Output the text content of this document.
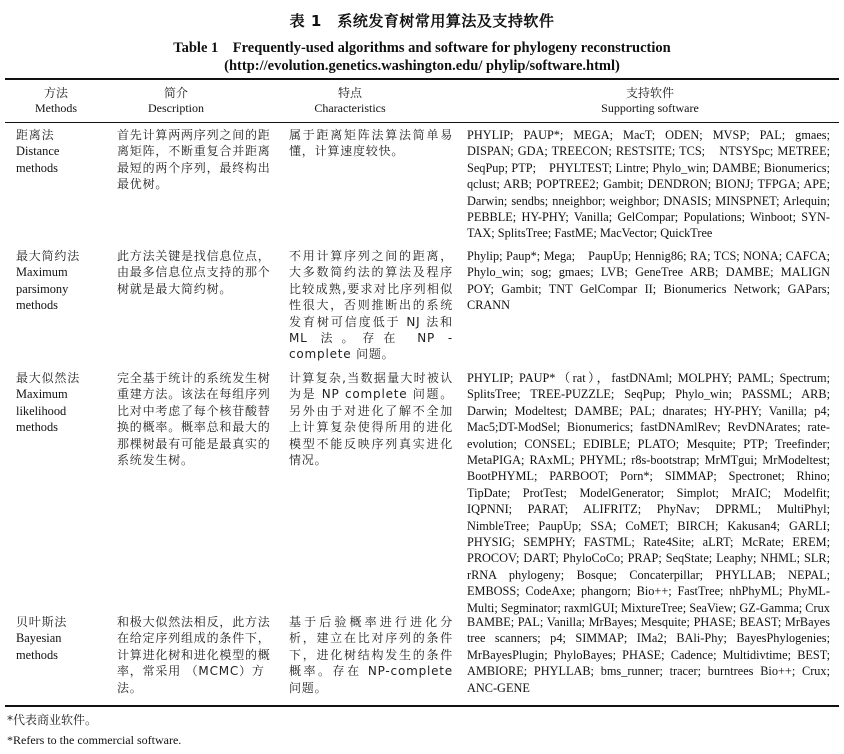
表 1　系统发育树常用算法及支持软件
Table 1　Frequently-used algorithms and software for phylogeny reconstruction
(http://evolution.genetics.washington.edu/ phylip/software.html)
方法
Methods
简介
Description
特点
Characteristics
支持软件
Supporting software
距离法
Distance methods
首先计算两两序列之间的距离矩阵，不断重复合并距离最短的两个序列，最终构出最优树。
属于距离矩阵法算法简单易懂，计算速度较快。
PHYLIP; PAUP*; MEGA; MacT; ODEN; MVSP; PAL; gmaes; DISPAN; GDA; TREECON; RESTSITE; TCS;　NTSYSpc; METREE; SeqPup; PTP;　PHYLTEST; Lintre; Phylo_win; DAMBE; Bionumerics; qclust; ARB; POPTREE2; Gambit; DENDRON; BIONJ; TFPGA; APE; Darwin; sendbs; nneighbor; weighbor; DNASIS; MINSPNET; Arlequin; PEBBLE; HY-PHY; Vanilla; GelCompar; Populations; Winboot; SYN-TAX; SplitsTree; FastME; MacVector; QuickTree
最大简约法
Maximum parsimony methods
此方法关键是找信息位点，由最多信息位点支持的那个树就是最大简约树。
不用计算序列之间的距离，大多数简约法的算法及程序比较成熟,要求对比序列相似性很大，否则推断出的系统发育树可信度低于 NJ 法和 ML 法。存在 NP -complete 问题。
Phylip; Paup*; Mega;　PaupUp; Hennig86; RA; TCS; NONA; CAFCA; Phylo_win; sog; gmaes; LVB; GeneTree ARB; DAMBE; MALIGN POY; Gambit; TNT GelCompar II; Bionumerics Network; GAPars; CRANN
最大似然法
Maximum likelihood methods
完全基于统计的系统发生树重建方法。该法在每组序列比对中考虑了每个核苷酸替换的概率。概率总和最大的那棵树最有可能是最真实的系统发生树。
计算复杂,当数据量大时被认为是 NP complete 问题。另外由于对进化了解不全加上计算复杂使得所用的进化模型不能反映序列真实进化情况。
PHYLIP; PAUP*（rat），fastDNAml; MOLPHY; PAML; Spectrum; SplitsTree; TREE-PUZZLE; SeqPup; Phylo_win; PASSML; ARB; Darwin; Modeltest; DAMBE; PAL; dnarates; HY-PHY; Vanilla; p4; Mac5;DT-ModSel; Bionumerics; fastDNAmlRev; RevDNArates; rate-evolution; CONSEL; EDIBLE; PLATO; Mesquite; PTP; Treefinder; MetaPIGA; RAxML; PHYML; r8s-bootstrap; MrMTgui; MrModeltest; BootPHYML; PARBOOT; Porn*; SIMMAP; Spectronet; Rhino; TipDate; ProtTest; ModelGenerator; Simplot; MrAIC; Modelfit; IQPNNI; PARAT; ALIFRITZ; PhyNav; DPRML; MultiPhyl; NimbleTree; PaupUp; SSA; CoMET; BIRCH; Kakusan4; GARLI; PHYSIG; SEMPHY; FASTML; Rate4Site; aLRT; McRate; EREM; PROCOV; DART; PhyloCoCo; PRAP; SeqState; Leaphy; NHML; SLR; rRNA phylogeny; Bosque; Concaterpillar; PHYLLAB; NEPAL; EMBOSS; CodeAxe; phangorn; Bio++; FastTree; nhPhyML; PhyML-Multi; Segminator; raxmlGUI; MixtureTree; SeaView; GZ-Gamma; Crux
贝叶斯法
Bayesian methods
和极大似然法相反，此方法在给定序列组成的条件下，计算进化树和进化模型的概率，常采用 （MCMC）方法。
基于后验概率进行进化分析，建立在比对序列的条件下，进化树结构发生的条件概率。存在 NP-complete 问题。
BAMBE; PAL; Vanilla; MrBayes; Mesquite; PHASE; BEAST; MrBayes tree scanners; p4; SIMMAP; IMa2; BAli-Phy; BayesPhylogenies; MrBayesPlugin; PhyloBayes; PHASE; Cadence; Multidivtime; BEST; AMBIORE; PHYLLAB; bms_runner; tracer; burntrees Bio++; Crux; ANC-GENE
*代表商业软件。
*Refers to the commercial software.
